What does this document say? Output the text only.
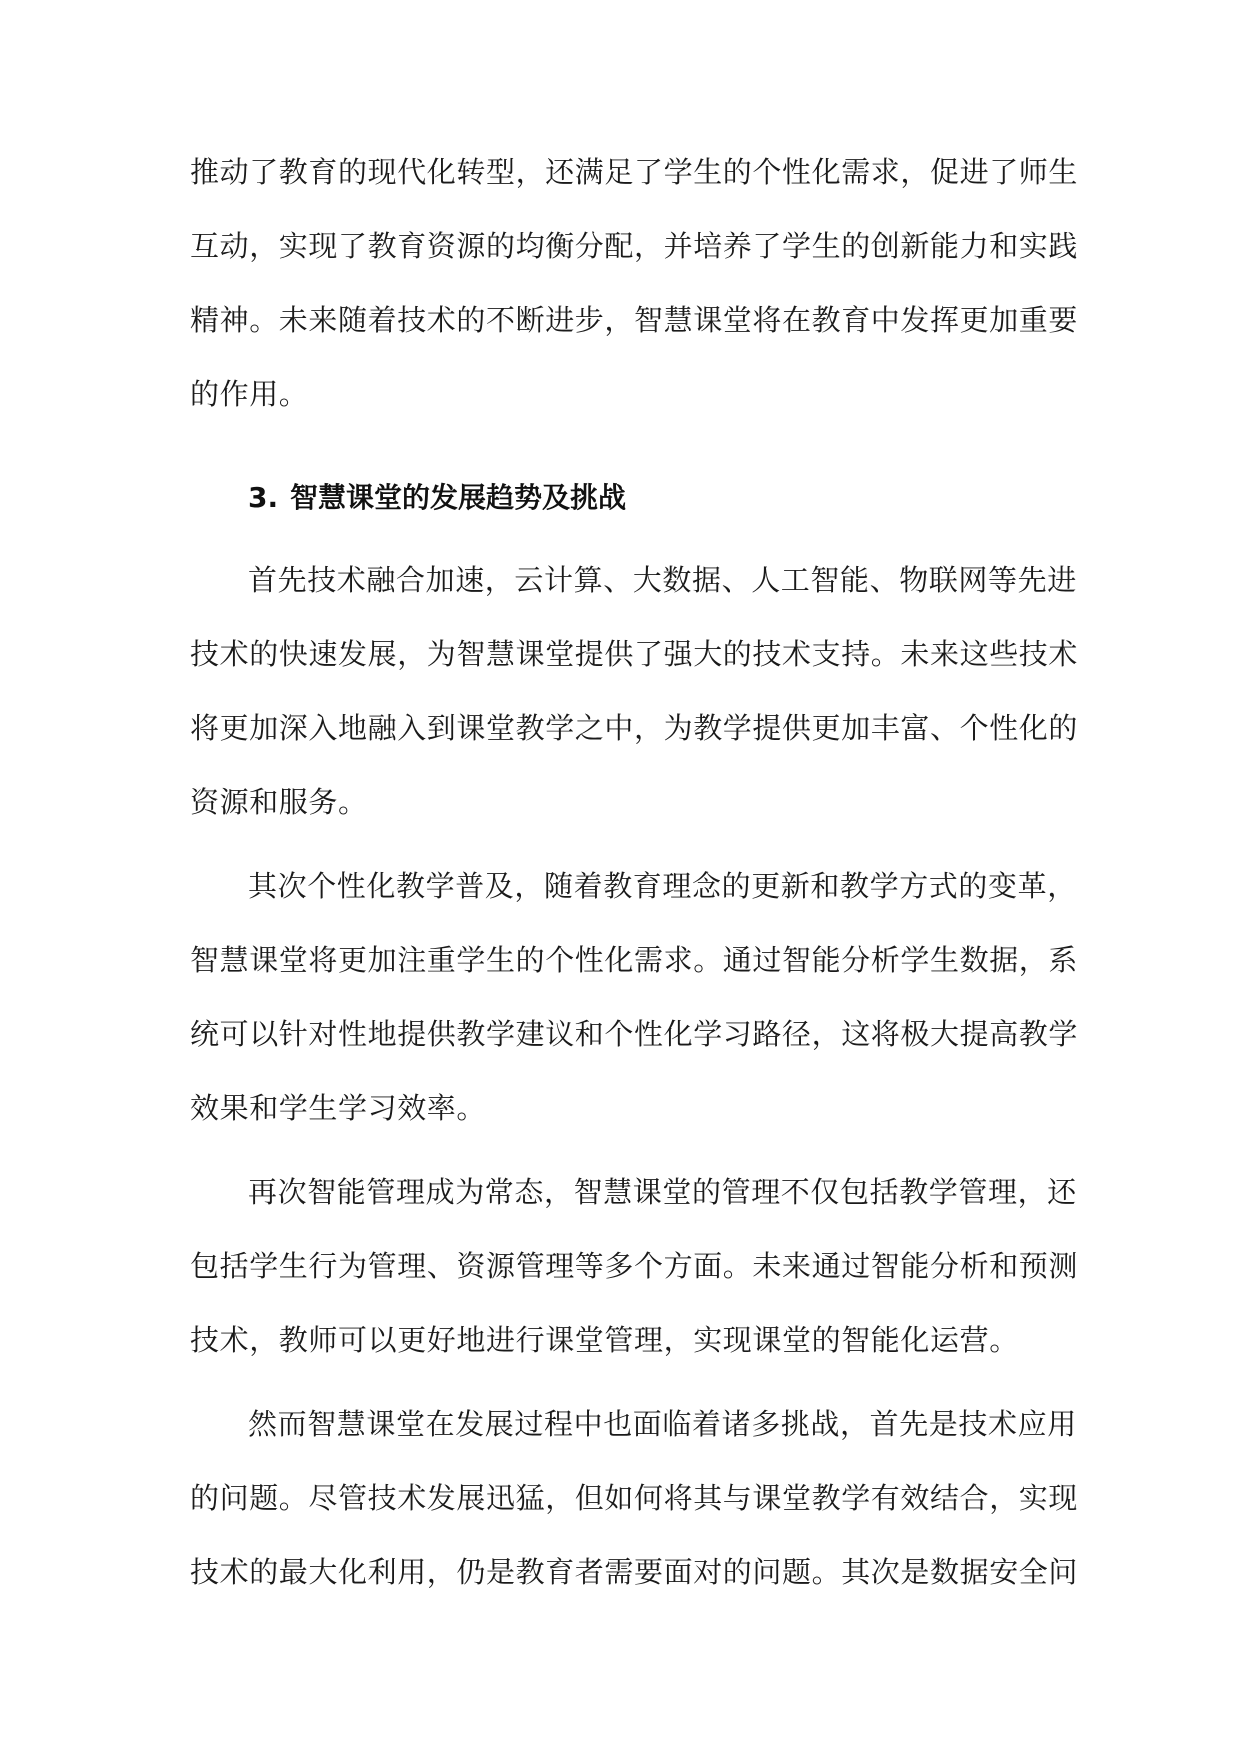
推动了教育的现代化转型，还满足了学生的个性化需求，促进了师生
互动，实现了教育资源的均衡分配，并培养了学生的创新能力和实践
精神。未来随着技术的不断进步，智慧课堂将在教育中发挥更加重要
的作用。
3. 智慧课堂的发展趋势及挑战
首先技术融合加速，云计算、大数据、人工智能、物联网等先进
技术的快速发展，为智慧课堂提供了强大的技术支持。未来这些技术
将更加深入地融入到课堂教学之中，为教学提供更加丰富、个性化的
资源和服务。
其次个性化教学普及，随着教育理念的更新和教学方式的变革，
智慧课堂将更加注重学生的个性化需求。通过智能分析学生数据，系
统可以针对性地提供教学建议和个性化学习路径，这将极大提高教学
效果和学生学习效率。
再次智能管理成为常态，智慧课堂的管理不仅包括教学管理，还
包括学生行为管理、资源管理等多个方面。未来通过智能分析和预测
技术，教师可以更好地进行课堂管理，实现课堂的智能化运营。
然而智慧课堂在发展过程中也面临着诸多挑战，首先是技术应用
的问题。尽管技术发展迅猛，但如何将其与课堂教学有效结合，实现
技术的最大化利用，仍是教育者需要面对的问题。其次是数据安全问
